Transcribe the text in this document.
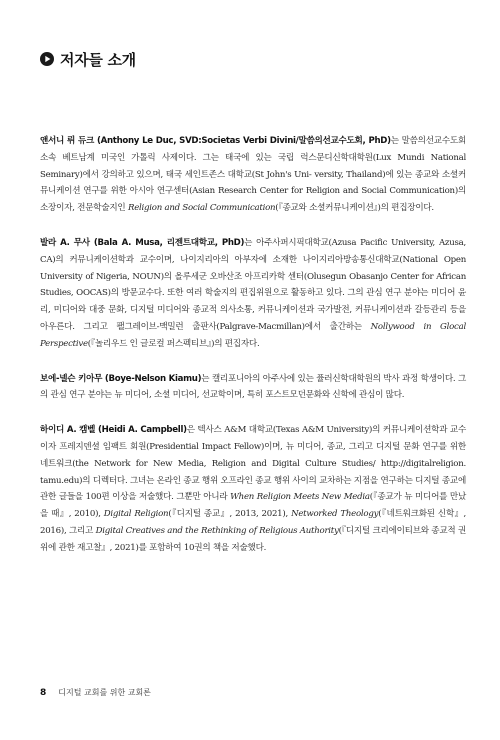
저자들 소개

앤서니 뤼 듀크 (Anthony Le Duc, SVD:Societas Verbi Divini/말씀의선교수도회, PhD)는 말씀의선교수도회 소속 베트남계 미국인 가톨릭 사제이다. 그는 태국에 있는 국립 럭스문디신학대학원(Lux Mundi National Seminary)에서 강의하고 있으며, 태국 세인트존스 대학교(St John's Uni- versity, Thailand)에 있는 종교와 소셜커뮤니케이션 연구를 위한 아시아 연구센터(Asian Research Center for Religion and Social Communication)의 소장이자, 전문학술지인 Religion and Social Communication(『종교와 소셜커뮤니케이션』)의 편집장이다.

발라 A. 무사 (Bala A. Musa, 리젠트대학교, PhD)는 아주사퍼시픽대학교(Azusa Pacific University, Azusa, CA)의 커뮤니케이션학과 교수이며, 나이지리아의 아부자에 소재한 나이지리아방송통신대학교(National Open University of Nigeria, NOUN)의 올루세군 오바산조 아프리카학 센터(Olusegun Obasanjo Center for African Studies, OOCAS)의 방문교수다. 또한 여러 학술지의 편집위원으로 활동하고 있다. 그의 관심 연구 분야는 미디어 윤리, 미디어와 대중 문화, 디지털 미디어와 종교적 의사소통, 커뮤니케이션과 국가발전, 커뮤니케이션과 갈등관리 등을 아우른다. 그리고 팰그레이브-맥밀런 출판사(Palgrave-Macmillan)에서 출간하는 Nollywood in Glocal Perspective(『놀리우드 인 글로컬 퍼스펙티브』)의 편집자다.

보에-넬슨 키아무 (Boye-Nelson Kiamu)는 캘리포니아의 아주사에 있는 퓰러신학대학원의 박사 과정 학생이다. 그의 관심 연구 분야는 뉴 미디어, 소셜 미디어, 선교학이며, 특히 포스트모던문화와 신학에 관심이 많다.

하이디 A. 캠벨 (Heidi A. Campbell)은 텍사스 A&M 대학교(Texas A&M University)의 커뮤니케이션학과 교수이자 프레지덴셜 임팩트 회원(Presidential Impact Fellow)이며, 뉴 미디어, 종교, 그리고 디지털 문화 연구를 위한 네트워크(the Network for New Media, Religion and Digital Culture Studies/ http://digitalreligion. tamu.edu)의 디렉터다. 그녀는 온라인 종교 행위 오프라인 종교 행위 사이의 교차하는 지점을 연구하는 디지털 종교에 관한 글들을 100편 이상을 저술했다. 그뿐만 아니라 When Religion Meets New Media(『종교가 뉴 미디어를 만났을 때』, 2010), Digital Religion(『디지털 종교』, 2013, 2021), Networked Theology(『네트워크화된 신학』, 2016), 그리고 Digital Creatives and the Rethinking of Religious Authority(『디지털 크리에이티브와 종교적 권위에 관한 재고찰』, 2021)를 포함하여 10권의 책을 저술했다.

8 디지털 교회를 위한 교회론
